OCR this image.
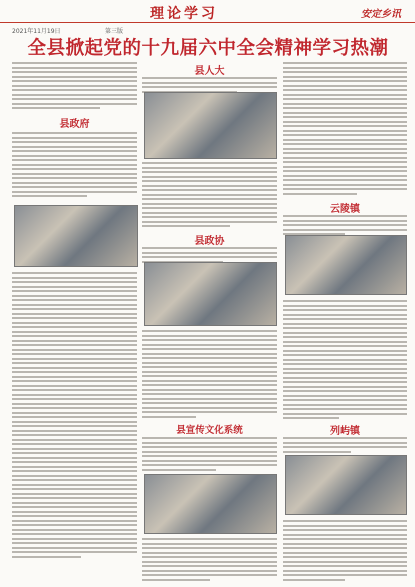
理论学习	安定乡讯
2021年11月19日	第三版
全县掀起党的十九届六中全会精神学习热潮
县政府
县人大
县政协
县宣传文化系统
云陵镇
列屿镇
